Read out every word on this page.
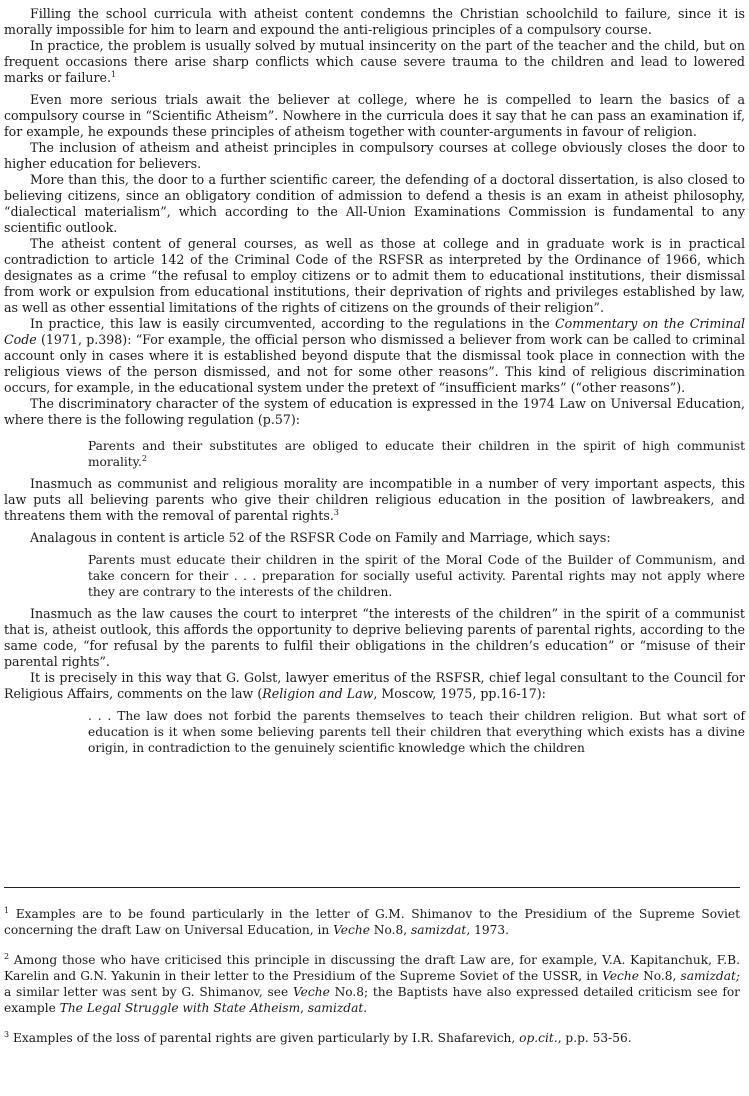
Filling the school curricula with atheist content condemns the Christian schoolchild to failure, since it is morally impossible for him to learn and expound the anti-religious principles of a compulsory course.

In practice, the problem is usually solved by mutual insincerity on the part of the teacher and the child, but on frequent occasions there arise sharp conflicts which cause severe trauma to the children and lead to lowered marks or failure.$^1$

Even more serious trials await the believer at college, where he is compelled to learn the basics of a compulsory course in “Scientific Atheism”. Nowhere in the curricula does it say that he can pass an examination if, for example, he expounds these principles of atheism together with counter-arguments in favour of religion.

The inclusion of atheism and atheist principles in compulsory courses at college obviously closes the door to higher education for believers.

More than this, the door to a further scientific career, the defending of a doctoral dissertation, is also closed to believing citizens, since an obligatory condition of admission to defend a thesis is an exam in atheist philosophy, “dialectical materialism”, which according to the All-Union Examinations Commission is fundamental to any scientific outlook.

The atheist content of general courses, as well as those at college and in graduate work is in practical contradiction to article 142 of the Criminal Code of the RSFSR as interpreted by the Ordinance of 1966, which designates as a crime “the refusal to employ citizens or to admit them to educational institutions, their dismissal from work or expulsion from educational institutions, their deprivation of rights and privileges established by law, as well as other essential limitations of the rights of citizens on the grounds of their religion”.

In practice, this law is easily circumvented, according to the regulations in the Commentary on the Criminal Code (1971, p.398): “For example, the official person who dismissed a believer from work can be called to criminal account only in cases where it is established beyond dispute that the dismissal took place in connection with the religious views of the person dismissed, and not for some other reasons”. This kind of religious discrimination occurs, for example, in the educational system under the pretext of “insufficient marks” (“other reasons”).

The discriminatory character of the system of education is expressed in the 1974 Law on Universal Education, where there is the following regulation (p.57):

Parents and their substitutes are obliged to educate their children in the spirit of high communist morality.$^2$

Inasmuch as communist and religious morality are incompatible in a number of very important aspects, this law puts all believing parents who give their children religious education in the position of lawbreakers, and threatens them with the removal of parental rights.$^3$

Analagous in content is article 52 of the RSFSR Code on Family and Marriage, which says:

Parents must educate their children in the spirit of the Moral Code of the Builder of Communism, and take concern for their . . . preparation for socially useful activity. Parental rights may not apply where they are contrary to the interests of the children.

Inasmuch as the law causes the court to interpret “the interests of the children” in the spirit of a communist that is, atheist outlook, this affords the opportunity to deprive believing parents of parental rights, according to the same code, “for refusal by the parents to fulfil their obligations in the children’s education” or “misuse of their parental rights”.

It is precisely in this way that G. Golst, lawyer emeritus of the RSFSR, chief legal consultant to the Council for Religious Affairs, comments on the law (Religion and Law, Moscow, 1975, pp.16-17):

. . . The law does not forbid the parents themselves to teach their children religion. But what sort of education is it when some believing parents tell their children that everything which exists has a divine origin, in contradiction to the genuinely scientific knowledge which the children

$^1$ Examples are to be found particularly in the letter of G.M. Shimanov to the Presidium of the Supreme Soviet concerning the draft Law on Universal Education, in Veche No.8, samizdat, 1973.

$^2$ Among those who have criticised this principle in discussing the draft Law are, for example, V.A. Kapitanchuk, F.B. Karelin and G.N. Yakunin in their letter to the Presidium of the Supreme Soviet of the USSR, in Veche No.8, samizdat; a similar letter was sent by G. Shimanov, see Veche No.8; the Baptists have also expressed detailed criticism see for example The Legal Struggle with State Atheism, samizdat.

$^3$ Examples of the loss of parental rights are given particularly by I.R. Shafarevich, op.cit., p.p. 53-56.
